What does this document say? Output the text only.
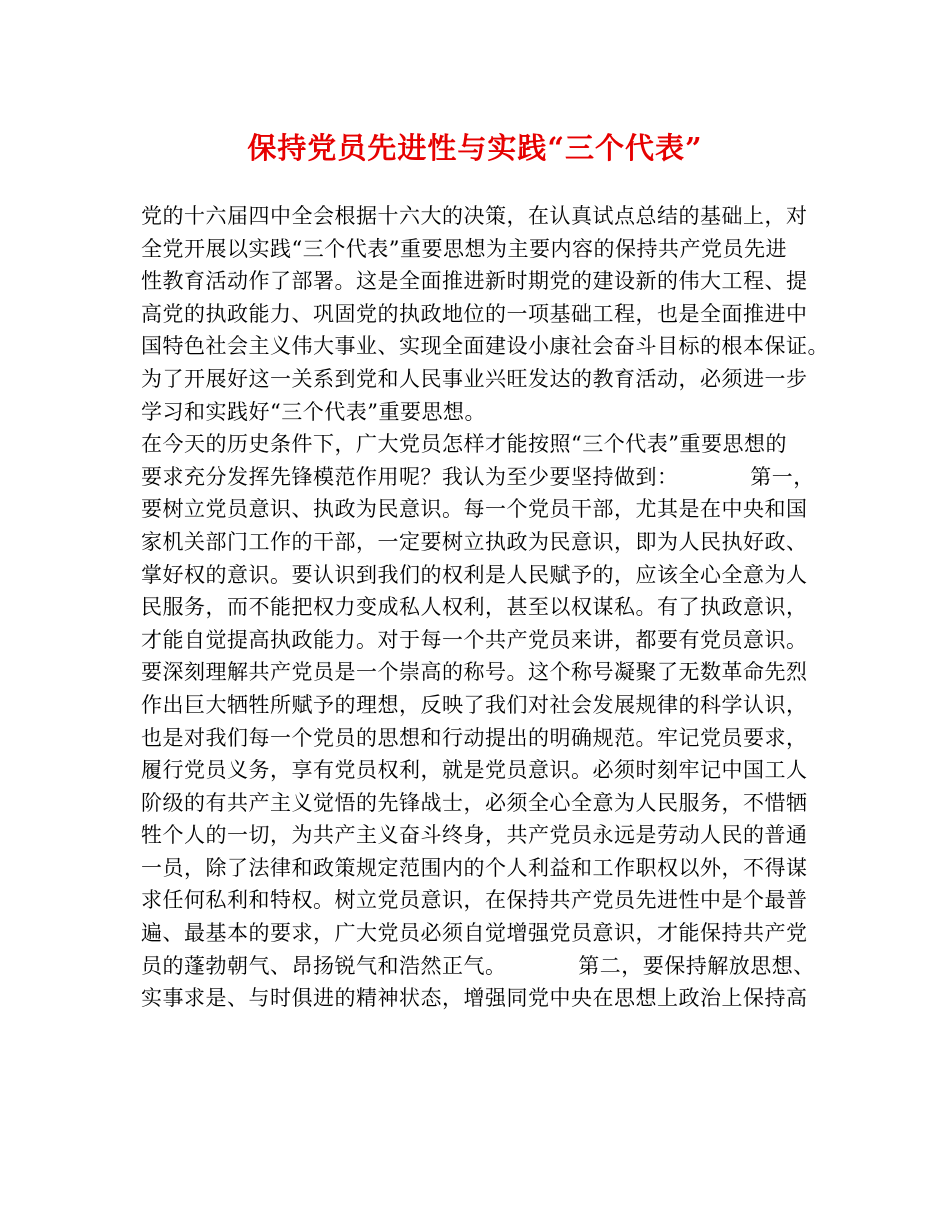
保持党员先进性与实践“三个代表”
党的十六届四中全会根据十六大的决策，在认真试点总结的基础上，对
全党开展以实践“三个代表”重要思想为主要内容的保持共产党员先进
性教育活动作了部署。这是全面推进新时期党的建设新的伟大工程、提
高党的执政能力、巩固党的执政地位的一项基础工程，也是全面推进中
国特色社会主义伟大事业、实现全面建设小康社会奋斗目标的根本保证。
为了开展好这一关系到党和人民事业兴旺发达的教育活动，必须进一步
学习和实践好“三个代表”重要思想。
在今天的历史条件下，广大党员怎样才能按照“三个代表”重要思想的
要求充分发挥先锋模范作用呢？我认为至少要坚持做到：          第一，
要树立党员意识、执政为民意识。每一个党员干部，尤其是在中央和国
家机关部门工作的干部，一定要树立执政为民意识，即为人民执好政、
掌好权的意识。要认识到我们的权利是人民赋予的，应该全心全意为人
民服务，而不能把权力变成私人权利，甚至以权谋私。有了执政意识，
才能自觉提高执政能力。对于每一个共产党员来讲，都要有党员意识。
要深刻理解共产党员是一个崇高的称号。这个称号凝聚了无数革命先烈
作出巨大牺牲所赋予的理想，反映了我们对社会发展规律的科学认识，
也是对我们每一个党员的思想和行动提出的明确规范。牢记党员要求，
履行党员义务，享有党员权利，就是党员意识。必须时刻牢记中国工人
阶级的有共产主义觉悟的先锋战士，必须全心全意为人民服务，不惜牺
牲个人的一切，为共产主义奋斗终身，共产党员永远是劳动人民的普通
一员，除了法律和政策规定范围内的个人利益和工作职权以外，不得谋
求任何私利和特权。树立党员意识，在保持共产党员先进性中是个最普
遍、最基本的要求，广大党员必须自觉增强党员意识，才能保持共产党
员的蓬勃朝气、昂扬锐气和浩然正气。          第二，要保持解放思想、
实事求是、与时俱进的精神状态，增强同党中央在思想上政治上保持高
